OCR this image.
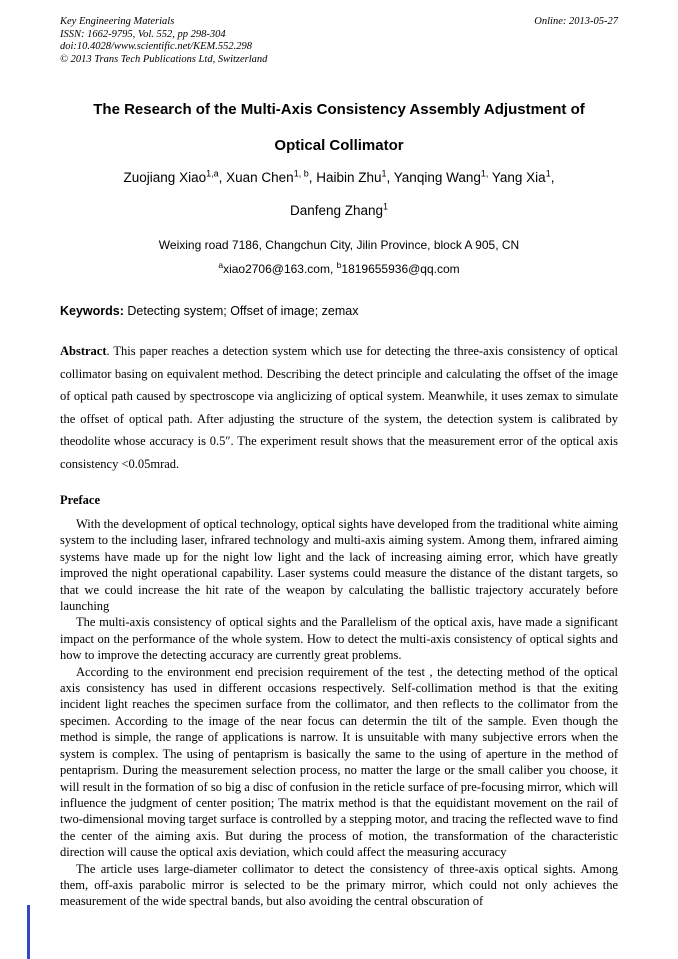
Key Engineering Materials	Online: 2013-05-27
ISSN: 1662-9795, Vol. 552, pp 298-304
doi:10.4028/www.scientific.net/KEM.552.298
© 2013 Trans Tech Publications Ltd, Switzerland
The Research of the Multi-Axis Consistency Assembly Adjustment of
Optical Collimator
Zuojiang Xiao$^{1,a}$, Xuan Chen$^{1, b}$, Haibin Zhu$^1$, Yanqing Wang$^{1,}$ Yang Xia$^1$,
Danfeng Zhang$^1$
Weixing road 7186, Changchun City, Jilin Province, block A 905, CN
$^a$xiao2706@163.com, $^b$1819655936@qq.com
Keywords: Detecting system; Offset of image; zemax

Abstract. This paper reaches a detection system which use for detecting the three-axis consistency of optical collimator basing on equivalent method. Describing the detect principle and calculating the offset of the image of optical path caused by spectroscope via anglicizing of optical system. Meanwhile, it uses zemax to simulate the offset of optical path. After adjusting the structure of the system, the detection system is calibrated by theodolite whose accuracy is 0.5″. The experiment result shows that the measurement error of the optical axis consistency <0.05mrad.

Preface

With the development of optical technology, optical sights have developed from the traditional white aiming system to the including laser, infrared technology and multi-axis aiming system. Among them, infrared aiming systems have made up for the night low light and the lack of increasing aiming error, which have greatly improved the night operational capability. Laser systems could measure the distance of the distant targets, so that we could increase the hit rate of the weapon by calculating the ballistic trajectory accurately before launching

The multi-axis consistency of optical sights and the Parallelism of the optical axis, have made a significant impact on the performance of the whole system. How to detect the multi-axis consistency of optical sights and how to improve the detecting accuracy are currently great problems.

According to the environment end precision requirement of the test , the detecting method of the optical axis consistency has used in different occasions respectively. Self-collimation method is that the exiting incident light reaches the specimen surface from the collimator, and then reflects to the collimator from the specimen. According to the image of the near focus can determin the tilt of the sample. Even though the method is simple, the range of applications is narrow. It is unsuitable with many subjective errors when the system is complex. The using of pentaprism is basically the same to the using of aperture in the method of pentaprism. During the measurement selection process, no matter the large or the small caliber you choose, it will result in the formation of so big a disc of confusion in the reticle surface of pre-focusing mirror, which will influence the judgment of center position; The matrix method is that the equidistant movement on the rail of two-dimensional moving target surface is controlled by a stepping motor, and tracing the reflected wave to find the center of the aiming axis. But during the process of motion, the transformation of the characteristic direction will cause the optical axis deviation, which could affect the measuring accuracy

The article uses large-diameter collimator to detect the consistency of three-axis optical sights. Among them, off-axis parabolic mirror is selected to be the primary mirror, which could not only achieves the measurement of the wide spectral bands, but also avoiding the central obscuration of
